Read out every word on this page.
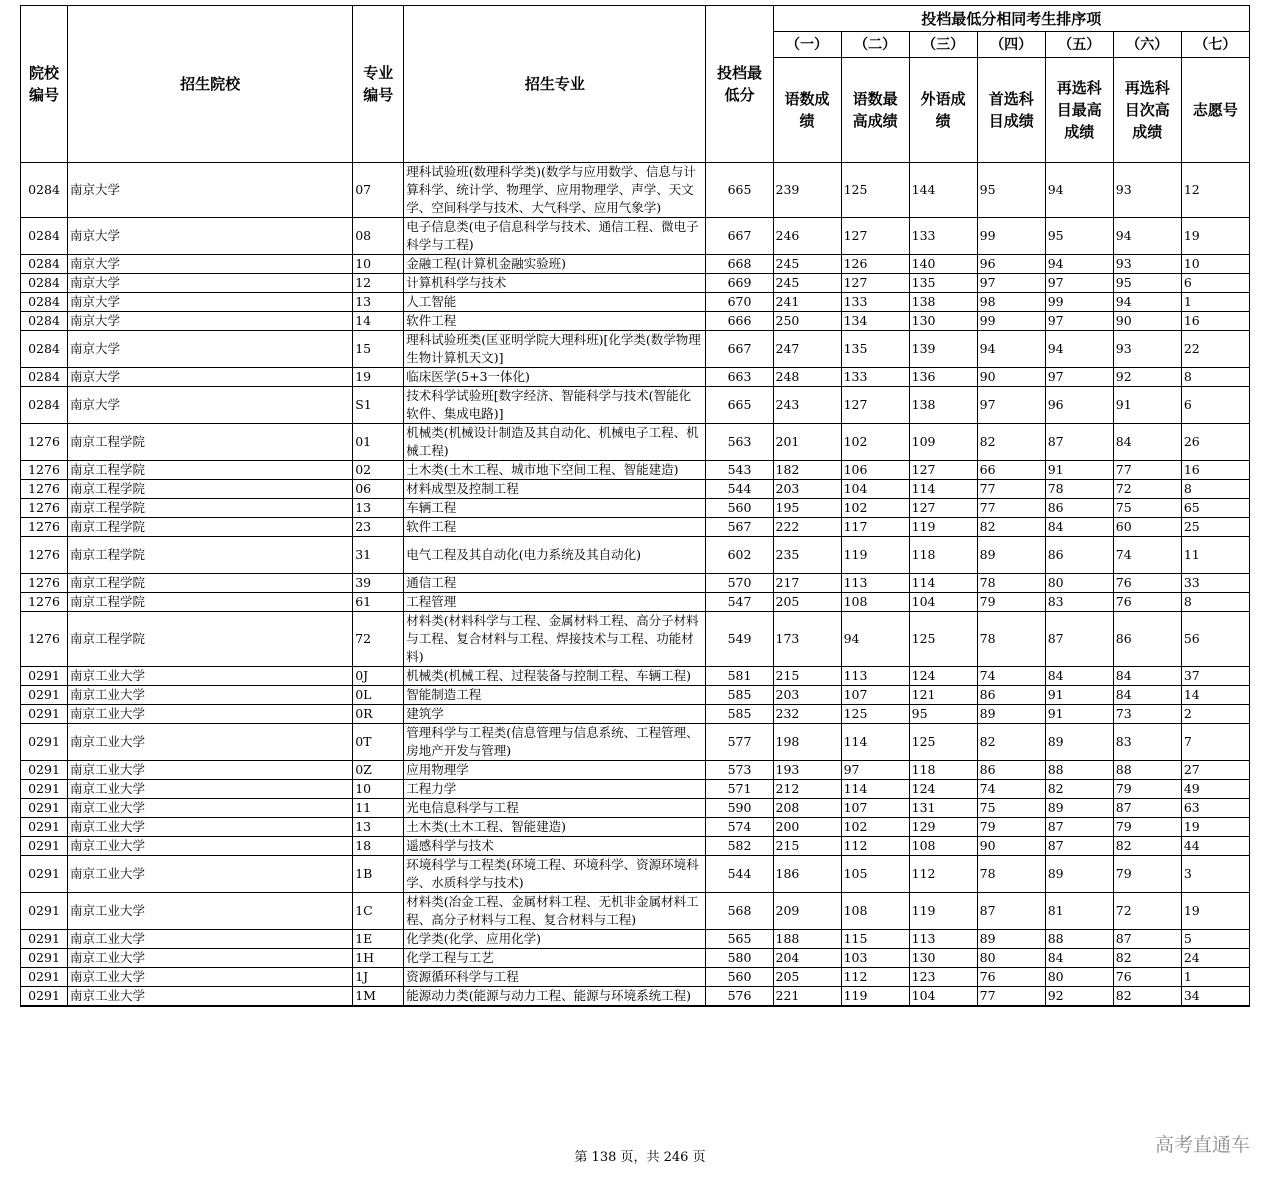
院校编号	招生院校	专业编号	招生专业	投档最低分	投档最低分相同考生排序项						
					（一）	（二）	（三）	（四）	（五）	（六）	（七）
					语数成绩	语数最高成绩	外语成绩	首选科目成绩	再选科目最高成绩	再选科目次高成绩	志愿号
0284	南京大学	07	理科试验班(数理科学类)(数学与应用数学、信息与计算科学、统计学、物理学、应用物理学、声学、天文学、空间科学与技术、大气科学、应用气象学)	665	239	125	144	95	94	93	12
0284	南京大学	08	电子信息类(电子信息科学与技术、通信工程、微电子科学与工程)	667	246	127	133	99	95	94	19
0284	南京大学	10	金融工程(计算机金融实验班)	668	245	126	140	96	94	93	10
0284	南京大学	12	计算机科学与技术	669	245	127	135	97	97	95	6
0284	南京大学	13	人工智能	670	241	133	138	98	99	94	1
0284	南京大学	14	软件工程	666	250	134	130	99	97	90	16
0284	南京大学	15	理科试验班类(匡亚明学院大理科班)[化学类(数学物理生物计算机天文)]	667	247	135	139	94	94	93	22
0284	南京大学	19	临床医学(5+3一体化)	663	248	133	136	90	97	92	8
0284	南京大学	S1	技术科学试验班[数字经济、智能科学与技术(智能化软件、集成电路)]	665	243	127	138	97	96	91	6
1276	南京工程学院	01	机械类(机械设计制造及其自动化、机械电子工程、机械工程)	563	201	102	109	82	87	84	26
1276	南京工程学院	02	土木类(土木工程、城市地下空间工程、智能建造)	543	182	106	127	66	91	77	16
1276	南京工程学院	06	材料成型及控制工程	544	203	104	114	77	78	72	8
1276	南京工程学院	13	车辆工程	560	195	102	127	77	86	75	65
1276	南京工程学院	23	软件工程	567	222	117	119	82	84	60	25
1276	南京工程学院	31	电气工程及其自动化(电力系统及其自动化)	602	235	119	118	89	86	74	11
1276	南京工程学院	39	通信工程	570	217	113	114	78	80	76	33
1276	南京工程学院	61	工程管理	547	205	108	104	79	83	76	8
1276	南京工程学院	72	材料类(材料科学与工程、金属材料工程、高分子材料与工程、复合材料与工程、焊接技术与工程、功能材料)	549	173	94	125	78	87	86	56
0291	南京工业大学	0J	机械类(机械工程、过程装备与控制工程、车辆工程)	581	215	113	124	74	84	84	37
0291	南京工业大学	0L	智能制造工程	585	203	107	121	86	91	84	14
0291	南京工业大学	0R	建筑学	585	232	125	95	89	91	73	2
0291	南京工业大学	0T	管理科学与工程类(信息管理与信息系统、工程管理、房地产开发与管理)	577	198	114	125	82	89	83	7
0291	南京工业大学	0Z	应用物理学	573	193	97	118	86	88	88	27
0291	南京工业大学	10	工程力学	571	212	114	124	74	82	79	49
0291	南京工业大学	11	光电信息科学与工程	590	208	107	131	75	89	87	63
0291	南京工业大学	13	土木类(土木工程、智能建造)	574	200	102	129	79	87	79	19
0291	南京工业大学	18	遥感科学与技术	582	215	112	108	90	87	82	44
0291	南京工业大学	1B	环境科学与工程类(环境工程、环境科学、资源环境科学、水质科学与技术)	544	186	105	112	78	89	79	3
0291	南京工业大学	1C	材料类(冶金工程、金属材料工程、无机非金属材料工程、高分子材料与工程、复合材料与工程)	568	209	108	119	87	81	72	19
0291	南京工业大学	1E	化学类(化学、应用化学)	565	188	115	113	89	88	87	5
0291	南京工业大学	1H	化学工程与工艺	580	204	103	130	80	84	82	24
0291	南京工业大学	1J	资源循环科学与工程	560	205	112	123	76	80	76	1
0291	南京工业大学	1M	能源动力类(能源与动力工程、能源与环境系统工程)	576	221	119	104	77	92	82	34
第 138 页，共 246 页
高考直通车
